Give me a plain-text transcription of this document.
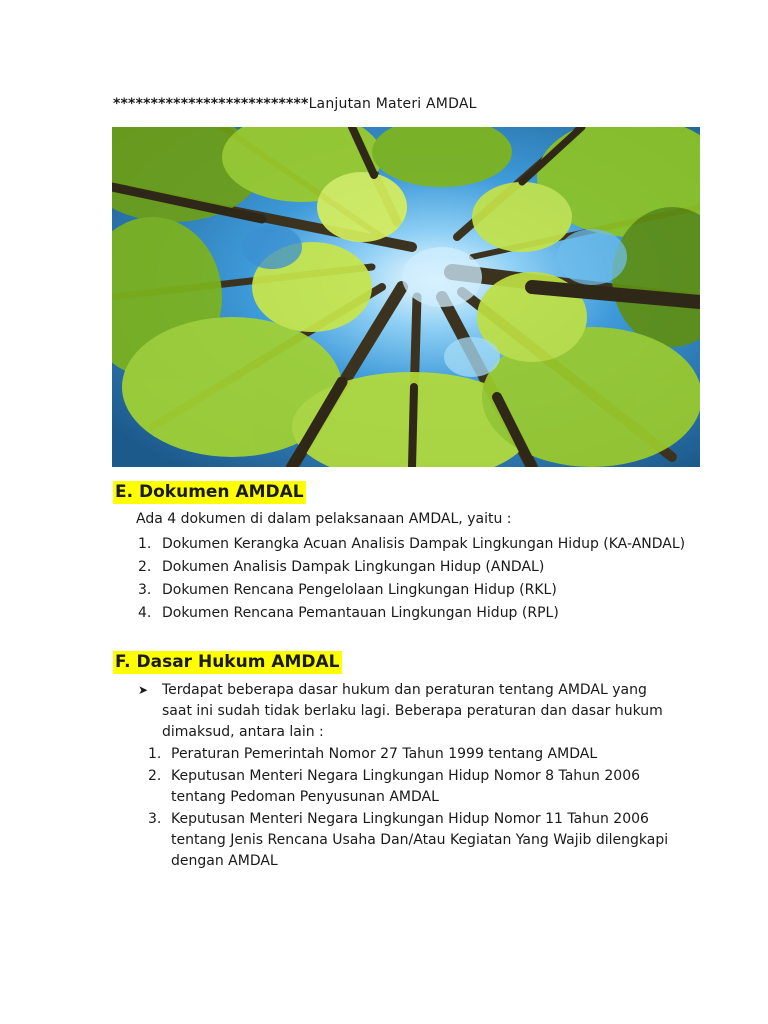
**************************Lanjutan Materi AMDAL
E. Dokumen AMDAL
Ada 4 dokumen di dalam pelaksanaan AMDAL, yaitu :
1. Dokumen Kerangka Acuan Analisis Dampak Lingkungan Hidup (KA-ANDAL)
2. Dokumen Analisis Dampak Lingkungan Hidup (ANDAL)
3. Dokumen Rencana Pengelolaan Lingkungan Hidup (RKL)
4. Dokumen Rencana Pemantauan Lingkungan Hidup (RPL)
F. Dasar Hukum AMDAL
➤ Terdapat beberapa dasar hukum dan peraturan tentang AMDAL yang saat ini sudah tidak berlaku lagi. Beberapa peraturan dan dasar hukum dimaksud, antara lain :
1. Peraturan Pemerintah Nomor 27 Tahun 1999 tentang AMDAL
2. Keputusan Menteri Negara Lingkungan Hidup Nomor 8 Tahun 2006 tentang Pedoman Penyusunan AMDAL
3. Keputusan Menteri Negara Lingkungan Hidup Nomor 11 Tahun 2006 tentang Jenis Rencana Usaha Dan/Atau Kegiatan Yang Wajib dilengkapi dengan AMDAL
